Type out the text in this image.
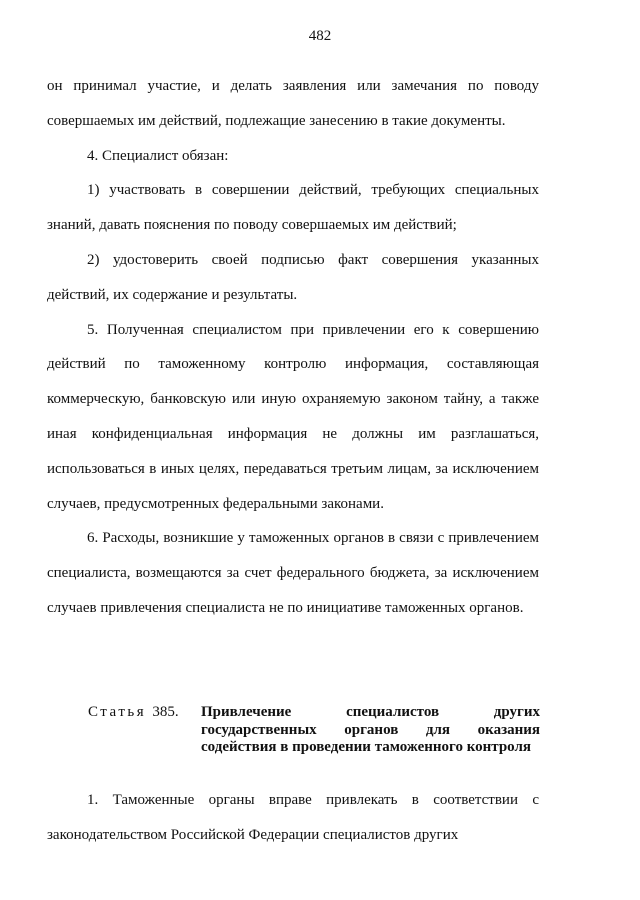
482

он принимал участие, и делать заявления или замечания по поводу совершаемых им действий, подлежащие занесению в такие документы.

4. Специалист обязан:

1) участвовать в совершении действий, требующих специальных знаний, давать пояснения по поводу совершаемых им действий;

2) удостоверить своей подписью факт совершения указанных действий, их содержание и результаты.

5. Полученная специалистом при привлечении его к совершению действий по таможенному контролю информация, составляющая коммерческую, банковскую или иную охраняемую законом тайну, а также иная конфиденциальная информация не должны им разглашаться, использоваться в иных целях, передаваться третьим лицам, за исключением случаев, предусмотренных федеральными законами.

6. Расходы, возникшие у таможенных органов в связи с привлечением специалиста, возмещаются за счет федерального бюджета, за исключением случаев привлечения специалиста не по инициативе таможенных органов.

Статья 385.	Привлечение специалистов других государственных органов для оказания содействия в проведении таможенного контроля

1. Таможенные органы вправе привлекать в соответствии с законодательством Российской Федерации специалистов других
